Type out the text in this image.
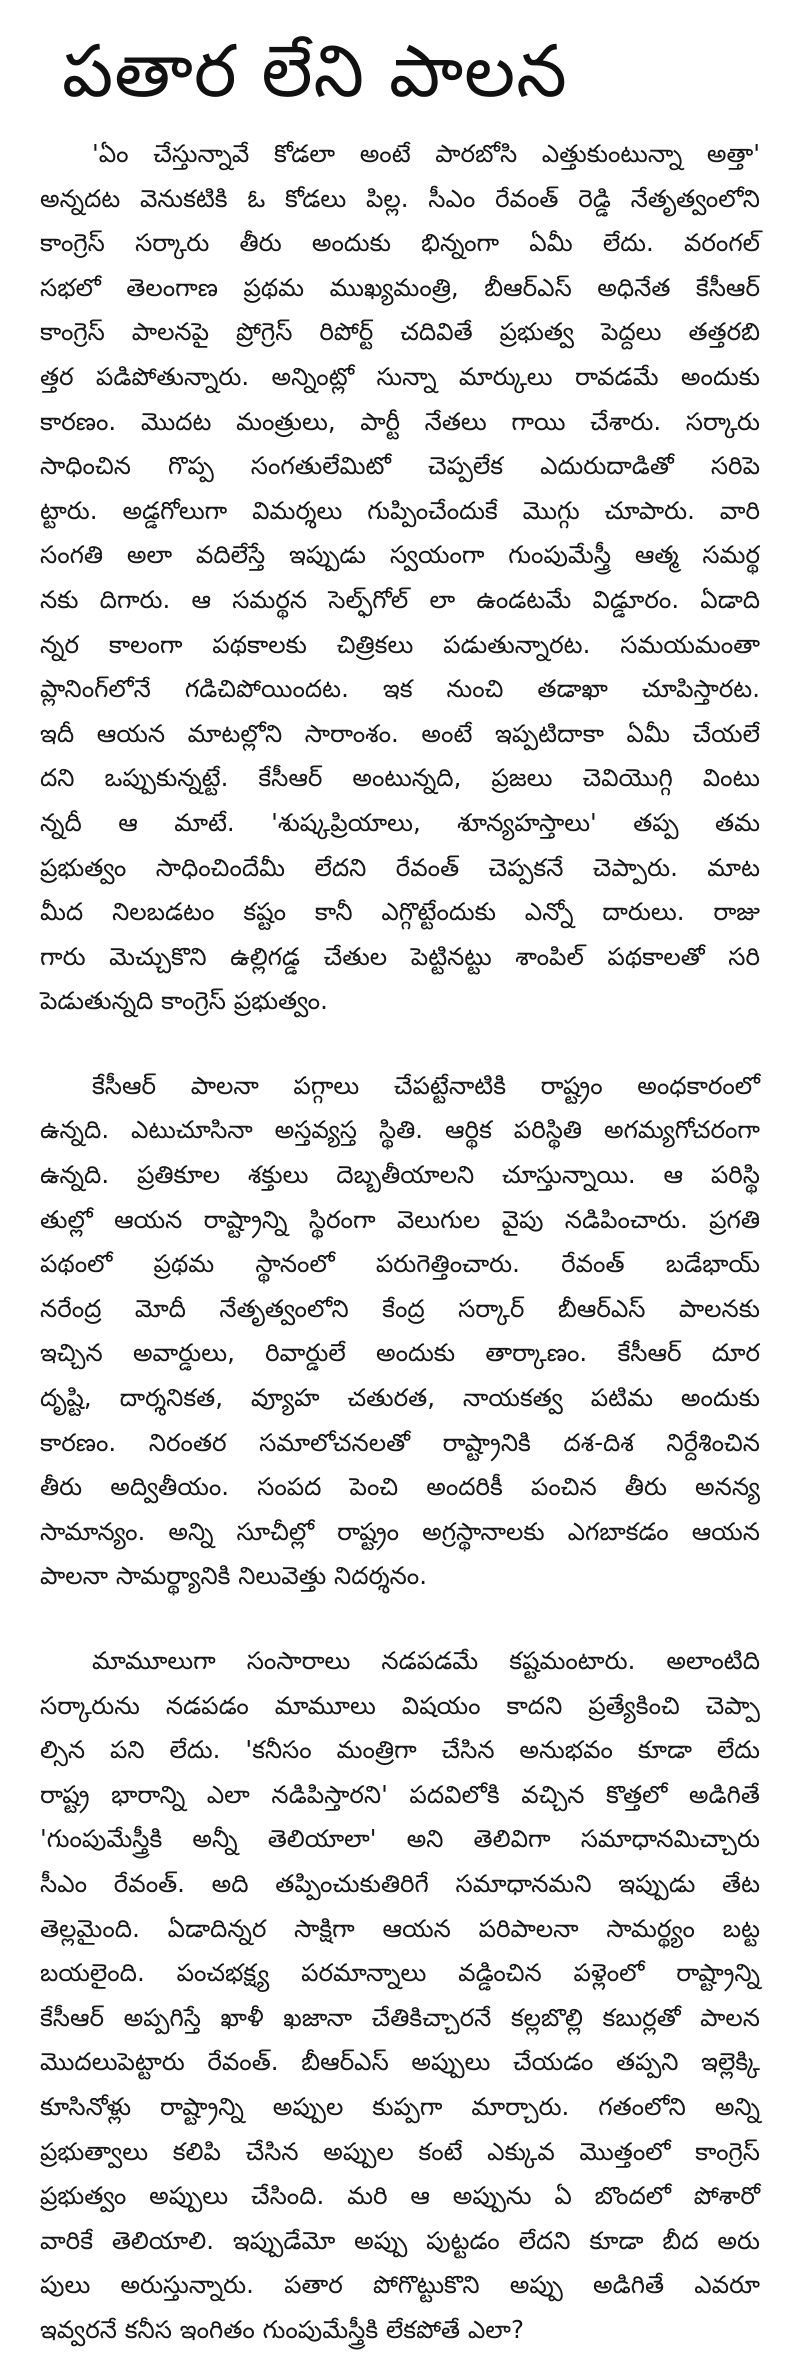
పతార లేని పాలన
'ఏం చేస్తున్నావే కోడలా అంటే పారబోసి ఎత్తుకుంటున్నా అత్తా'
అన్నదట వెనుకటికి ఓ కోడలు పిల్ల. సీఎం రేవంత్ రెడ్డి నేతృత్వంలోని
కాంగ్రెస్ సర్కారు తీరు అందుకు భిన్నంగా ఏమీ లేదు. వరంగల్
సభలో తెలంగాణ ప్రథమ ముఖ్యమంత్రి, బీఆర్ఎస్ అధినేత కేసీఆర్
కాంగ్రెస్ పాలనపై ప్రోగ్రెస్ రిపోర్ట్ చదివితే ప్రభుత్వ పెద్దలు తత్తరబి
త్తర పడిపోతున్నారు. అన్నింట్లో సున్నా మార్కులు రావడమే అందుకు
కారణం. మొదట మంత్రులు, పార్టీ నేతలు గాయి చేశారు. సర్కారు
సాధించిన గొప్ప సంగతులేమిటో చెప్పలేక ఎదురుదాడితో సరిపె
ట్టారు. అడ్డగోలుగా విమర్శలు గుప్పించేందుకే మొగ్గు చూపారు. వారి
సంగతి అలా వదిలేస్తే ఇప్పుడు స్వయంగా గుంపుమేస్త్రీ ఆత్మ సమర్థ
నకు దిగారు. ఆ సమర్థన సెల్ఫ్‌గోల్ లా ఉండటమే విడ్డూరం. ఏడాది
న్నర కాలంగా పథకాలకు చిత్రికలు పడుతున్నారట. సమయమంతా
ప్లానింగ్‌లోనే గడిచిపోయిందట. ఇక నుంచి తడాఖా చూపిస్తారట.
ఇదీ ఆయన మాటల్లోని సారాంశం. అంటే ఇప్పటిదాకా ఏమీ చేయలే
దని ఒప్పుకున్నట్టే. కేసీఆర్ అంటున్నది, ప్రజలు చెవియొగ్గి వింటు
న్నదీ ఆ మాటే. 'శుష్కప్రియాలు, శూన్యహస్తాలు' తప్ప తమ
ప్రభుత్వం సాధించిందేమీ లేదని రేవంత్ చెప్పకనే చెప్పారు. మాట
మీద నిలబడటం కష్టం కానీ ఎగ్గొట్టేందుకు ఎన్నో దారులు. రాజు
గారు మెచ్చుకొని ఉల్లిగడ్డ చేతుల పెట్టినట్టు శాంపిల్ పథకాలతో సరి
పెడుతున్నది కాంగ్రెస్ ప్రభుత్వం.
కేసీఆర్ పాలనా పగ్గాలు చేపట్టేనాటికి రాష్ట్రం అంధకారంలో
ఉన్నది. ఎటుచూసినా అస్తవ్యస్త స్థితి. ఆర్థిక పరిస్థితి అగమ్యగోచరంగా
ఉన్నది. ప్రతికూల శక్తులు దెబ్బతీయాలని చూస్తున్నాయి. ఆ పరిస్థి
తుల్లో ఆయన రాష్ట్రాన్ని స్థిరంగా వెలుగుల వైపు నడిపించారు. ప్రగతి
పథంలో ప్రథమ స్థానంలో పరుగెత్తించారు. రేవంత్ బడేభాయ్
నరేంద్ర మోదీ నేతృత్వంలోని కేంద్ర సర్కార్ బీఆర్ఎస్ పాలనకు
ఇచ్చిన అవార్డులు, రివార్డులే అందుకు తార్కాణం. కేసీఆర్ దూర
దృష్టి, దార్శనికత, వ్యూహ చతురత, నాయకత్వ పటిమ అందుకు
కారణం. నిరంతర సమాలోచనలతో రాష్ట్రానికి దశ-దిశ నిర్దేశించిన
తీరు అద్వితీయం. సంపద పెంచి అందరికీ పంచిన తీరు అనన్య
సామాన్యం. అన్ని సూచీల్లో రాష్ట్రం అగ్రస్థానాలకు ఎగబాకడం ఆయన
పాలనా సామర్థ్యానికి నిలువెత్తు నిదర్శనం.
మామూలుగా సంసారాలు నడపడమే కష్టమంటారు. అలాంటిది
సర్కారును నడపడం మామూలు విషయం కాదని ప్రత్యేకించి చెప్పా
ల్సిన పని లేదు. 'కనీసం మంత్రిగా చేసిన అనుభవం కూడా లేదు
రాష్ట్ర భారాన్ని ఎలా నడిపిస్తారని' పదవిలోకి వచ్చిన కొత్తలో అడిగితే
'గుంపుమేస్త్రీకి అన్నీ తెలియాలా' అని తెలివిగా సమాధానమిచ్చారు
సీఎం రేవంత్. అది తప్పించుకుతిరిగే సమాధానమని ఇప్పుడు తేట
తెల్లమైంది. ఏడాదిన్నర సాక్షిగా ఆయన పరిపాలనా సామర్థ్యం బట్ట
బయలైంది. పంచభక్ష్య పరమాన్నాలు వడ్డించిన పళ్లెంలో రాష్ట్రాన్ని
కేసీఆర్ అప్పగిస్తే ఖాళీ ఖజానా చేతికిచ్చారనే కల్లబొల్లి కబుర్లతో పాలన
మొదలుపెట్టారు రేవంత్. బీఆర్ఎస్ అప్పులు చేయడం తప్పని ఇల్లెక్కి
కూసినోళ్లు రాష్ట్రాన్ని అప్పుల కుప్పగా మార్చారు. గతంలోని అన్ని
ప్రభుత్వాలు కలిపి చేసిన అప్పుల కంటే ఎక్కువ మొత్తంలో కాంగ్రెస్
ప్రభుత్వం అప్పులు చేసింది. మరి ఆ అప్పును ఏ బొందలో పోశారో
వారికే తెలియాలి. ఇప్పుడేమో అప్పు పుట్టడం లేదని కూడా బీద అరు
పులు అరుస్తున్నారు. పతార పోగొట్టుకొని అప్పు అడిగితే ఎవరూ
ఇవ్వరనే కనీస ఇంగితం గుంపుమేస్త్రీకి లేకపోతే ఎలా?
